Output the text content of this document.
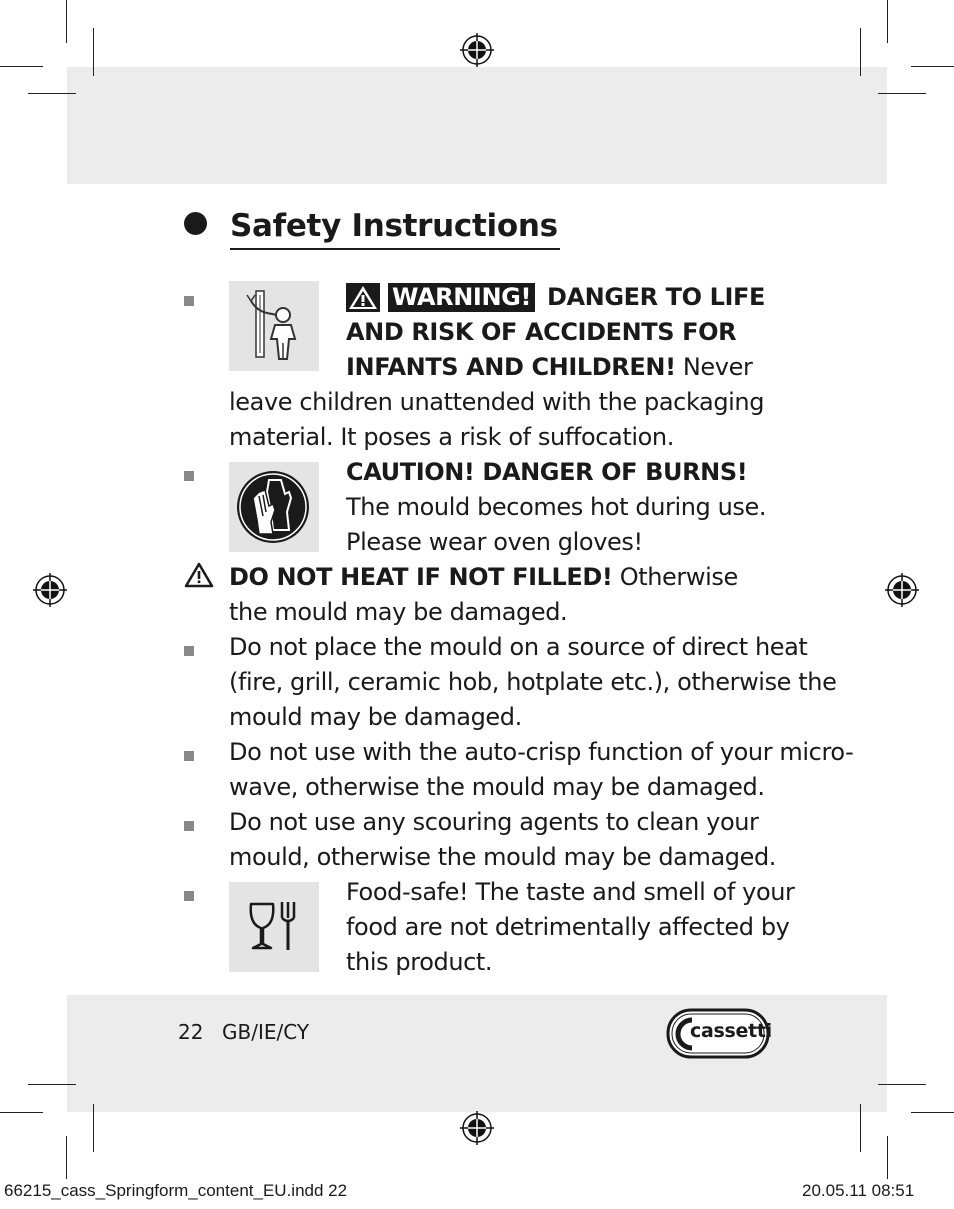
Safety Instructions
WARNING! DANGER TO LIFE
AND RISK OF ACCIDENTS FOR
INFANTS AND CHILDREN! Never
leave children unattended with the packaging
material. It poses a risk of suffocation.
CAUTION! DANGER OF BURNS!
The mould becomes hot during use.
Please wear oven gloves!
DO NOT HEAT IF NOT FILLED! Otherwise
the mould may be damaged.
Do not place the mould on a source of direct heat
(fire, grill, ceramic hob, hotplate etc.), otherwise the
mould may be damaged.
Do not use with the auto-crisp function of your micro-
wave, otherwise the mould may be damaged.
Do not use any scouring agents to clean your
mould, otherwise the mould may be damaged.
Food-safe! The taste and smell of your
food are not detrimentally affected by
this product.
22 GB/IE/CY	cassetti
66215_cass_Springform_content_EU.indd 22	20.05.11 08:51
